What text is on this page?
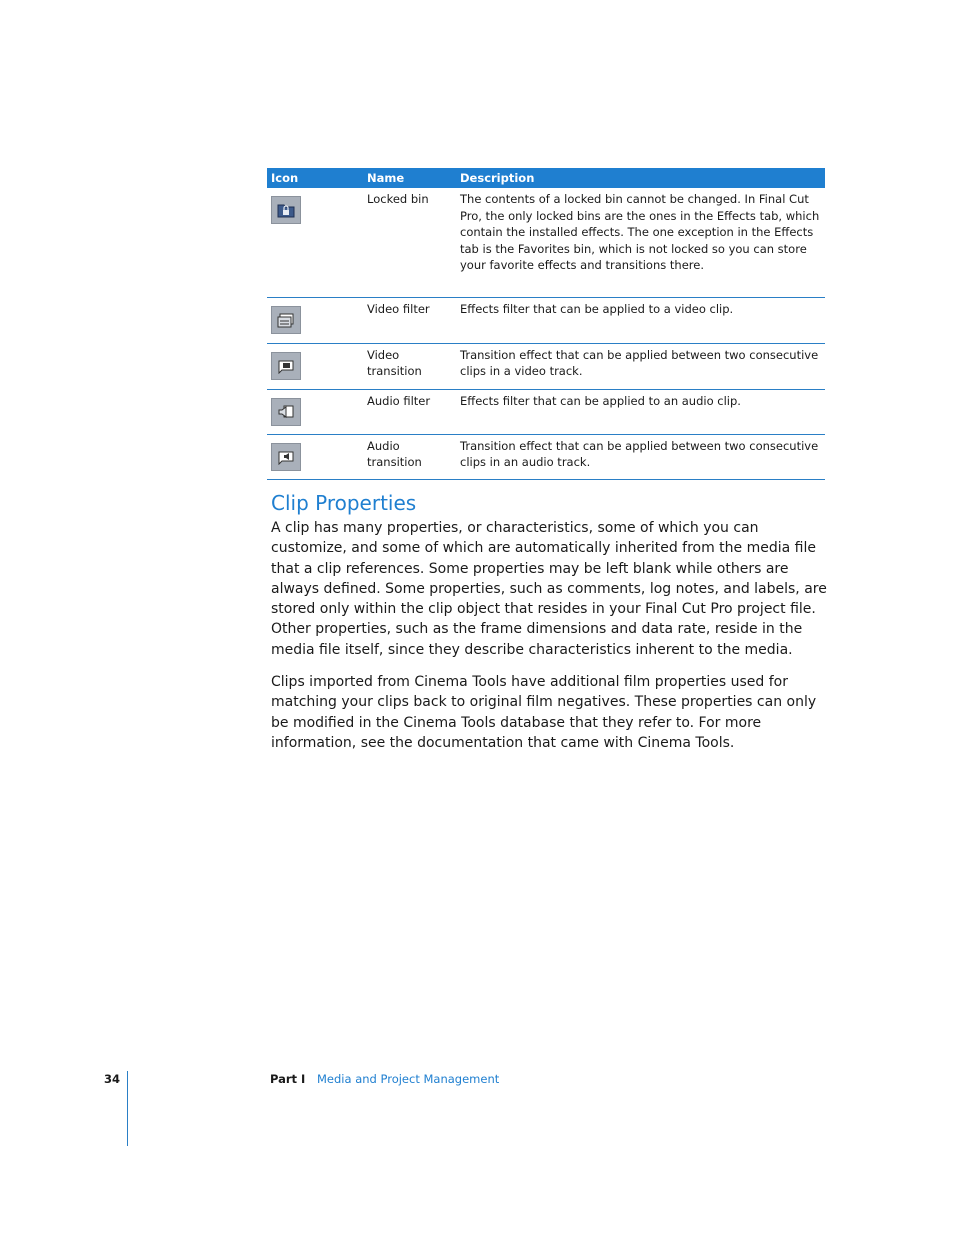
Icon	Name	Description

	Locked bin	The contents of a locked bin cannot be changed. In Final Cut Pro, the only locked bins are the ones in the Effects tab, which contain the installed effects. The one exception in the Effects tab is the Favorites bin, which is not locked so you can store your favorite effects and transitions there.

	Video filter	Effects filter that can be applied to a video clip.

	Video transition	Transition effect that can be applied between two consecutive clips in a video track.

	Audio filter	Effects filter that can be applied to an audio clip.

	Audio transition	Transition effect that can be applied between two consecutive clips in an audio track.
Clip Properties

A clip has many properties, or characteristics, some of which you can customize, and some of which are automatically inherited from the media file that a clip references. Some properties may be left blank while others are always defined. Some properties, such as comments, log notes, and labels, are stored only within the clip object that resides in your Final Cut Pro project file. Other properties, such as the frame dimensions and data rate, reside in the media file itself, since they describe characteristics inherent to the media.

Clips imported from Cinema Tools have additional film properties used for matching your clips back to original film negatives. These properties can only be modified in the Cinema Tools database that they refer to. For more information, see the documentation that came with Cinema Tools.

34	Part I Media and Project Management
